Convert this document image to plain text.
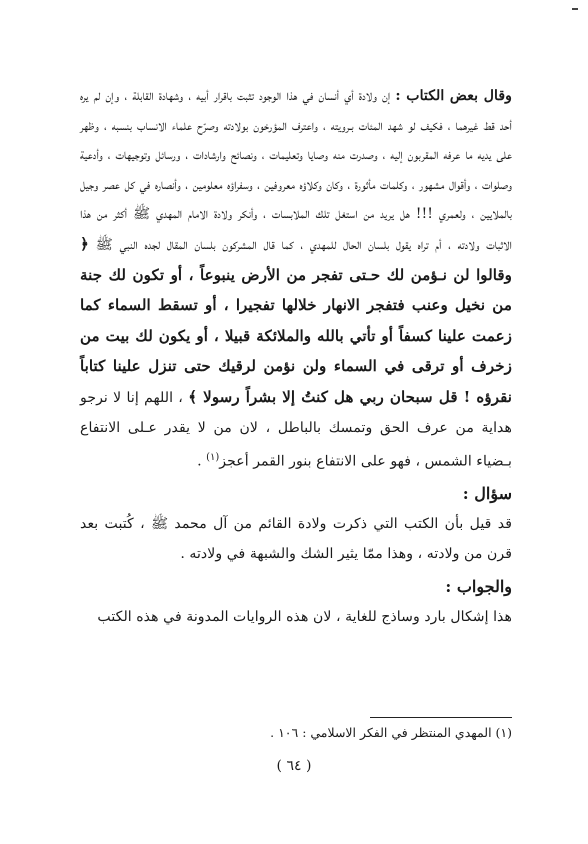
وقال بعض الكتاب : إن ولادة أي أنسان في هذا الوجود تثبت باقرار أبيه ، وشهادة القابلة ، وإن لم يره أحد قط غيرهما ، فكيف لو شهد المئات بـرويته ، واعترف المؤرخون بولادته وصرّح علماء الانساب بنسبه ، وظهر على يديه ما عرفه المقربون إليه ، وصدرت منه وصايا وتعليمات ، ونصائح وارشادات ، ورسائل وتوجيهات ، وأدعية وصلوات ، وأقوال مشهور ، وكلمات مأثورة ، وكان وكلاؤه معروفين ، وسفراؤه معلومين ، وأنصاره في كل عصر وجيل بالملايين ، ولعمري !!! هل يريد من استغل تلك الملابسات ، وأنكر ولادة الامام المهدي ﷺ أكثر من هذا الاثبات ولادته ، أم تراه يقول بلسان الحال للمهدي ، كما قال المشركون بلسان المقال لجده النبي ﷺ ﴿ وقالوا لن نـؤمن لك حـتى تفجر من الأرض ينبوعاً ، أو تكون لك جنة من نخيل وعنب فتفجر الانهار خلالها تفجيرا ، أو تسقط السماء كما زعمت علينا كسفاً أو تأتي بالله والملائكة قبيلا ، أو يكون لك بيت من زخرف أو ترقى في السماء ولن نؤمن لرقيك حتى تنزل علينا كتاباً نقرؤه ! قل سبحان ربي هل كنتُ إلا بشراً رسولا ﴾ ، اللهم إنا لا نرجو هداية من عرف الحق وتمسك بالباطل ، لان من لا يقدر عـلى الانتفاع بـضياء الشمس ، فهو على الانتفاع بنور القمر أعجز$^{(١)}$ .

سؤال :

قد قيل بأن الكتب التي ذكرت ولادة القائم من آل محمد ﷺ ، كُتبت بعد قرن من ولادته ، وهذا ممّا يثير الشك والشبهة في ولادته .

والجواب :

هذا إشكال بارد وساذج للغاية ، لان هذه الروايات المدونة في هذه الكتب

(١) المهدي المنتظر في الفكر الاسلامي : ١٠٦ .
( ٦٤ )
